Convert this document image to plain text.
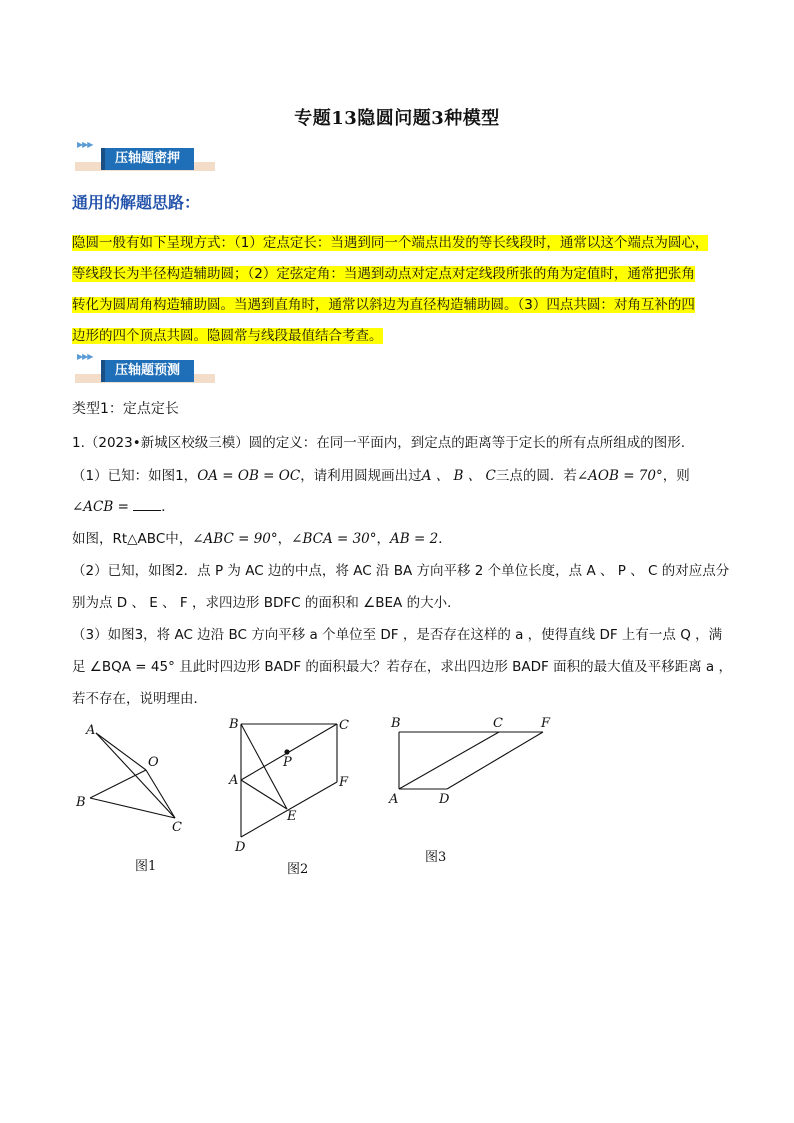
专题13隐圆问题3种模型
▶▶▶
压轴题密押
通用的解题思路：
隐圆一般有如下呈现方式：（1）定点定长：当遇到同一个端点出发的等长线段时，通常以这个端点为圆心，
等线段长为半径构造辅助圆；（2）定弦定角：当遇到动点对定点对定线段所张的角为定值时，通常把张角
转化为圆周角构造辅助圆。当遇到直角时，通常以斜边为直径构造辅助圆。（3）四点共圆：对角互补的四
边形的四个顶点共圆。隐圆常与线段最值结合考查。
▶▶▶
压轴题预测
类型1：定点定长
1.（2023•新城区校级三模）圆的定义：在同一平面内，到定点的距离等于定长的所有点所组成的图形.
（1）已知：如图1，OA = OB = OC，请利用圆规画出过A 、 B 、 C三点的圆．若∠AOB = 70°，则
∠ACB = ．
如图，Rt△ABC中，∠ABC = 90°，∠BCA = 30°，AB = 2．
（2）已知，如图2．点 P 为 AC 边的中点，将 AC 沿 BA 方向平移 2 个单位长度，点 A 、 P 、 C 的对应点分
别为点 D 、 E 、 F ，求四边形 BDFC 的面积和 ∠BEA 的大小．
（3）如图3，将 AC 边沿 BC 方向平移 a 个单位至 DF ，是否存在这样的 a ，使得直线 DF 上有一点 Q ，满
足 ∠BQA = 45° 且此时四边形 BADF 的面积最大？若存在，求出四边形 BADF 面积的最大值及平移距离 a ，
若不存在，说明理由．
A
O
B
C
图1
B	C
P
A	F
E
D
图2
B	C	F
A	D
图3
